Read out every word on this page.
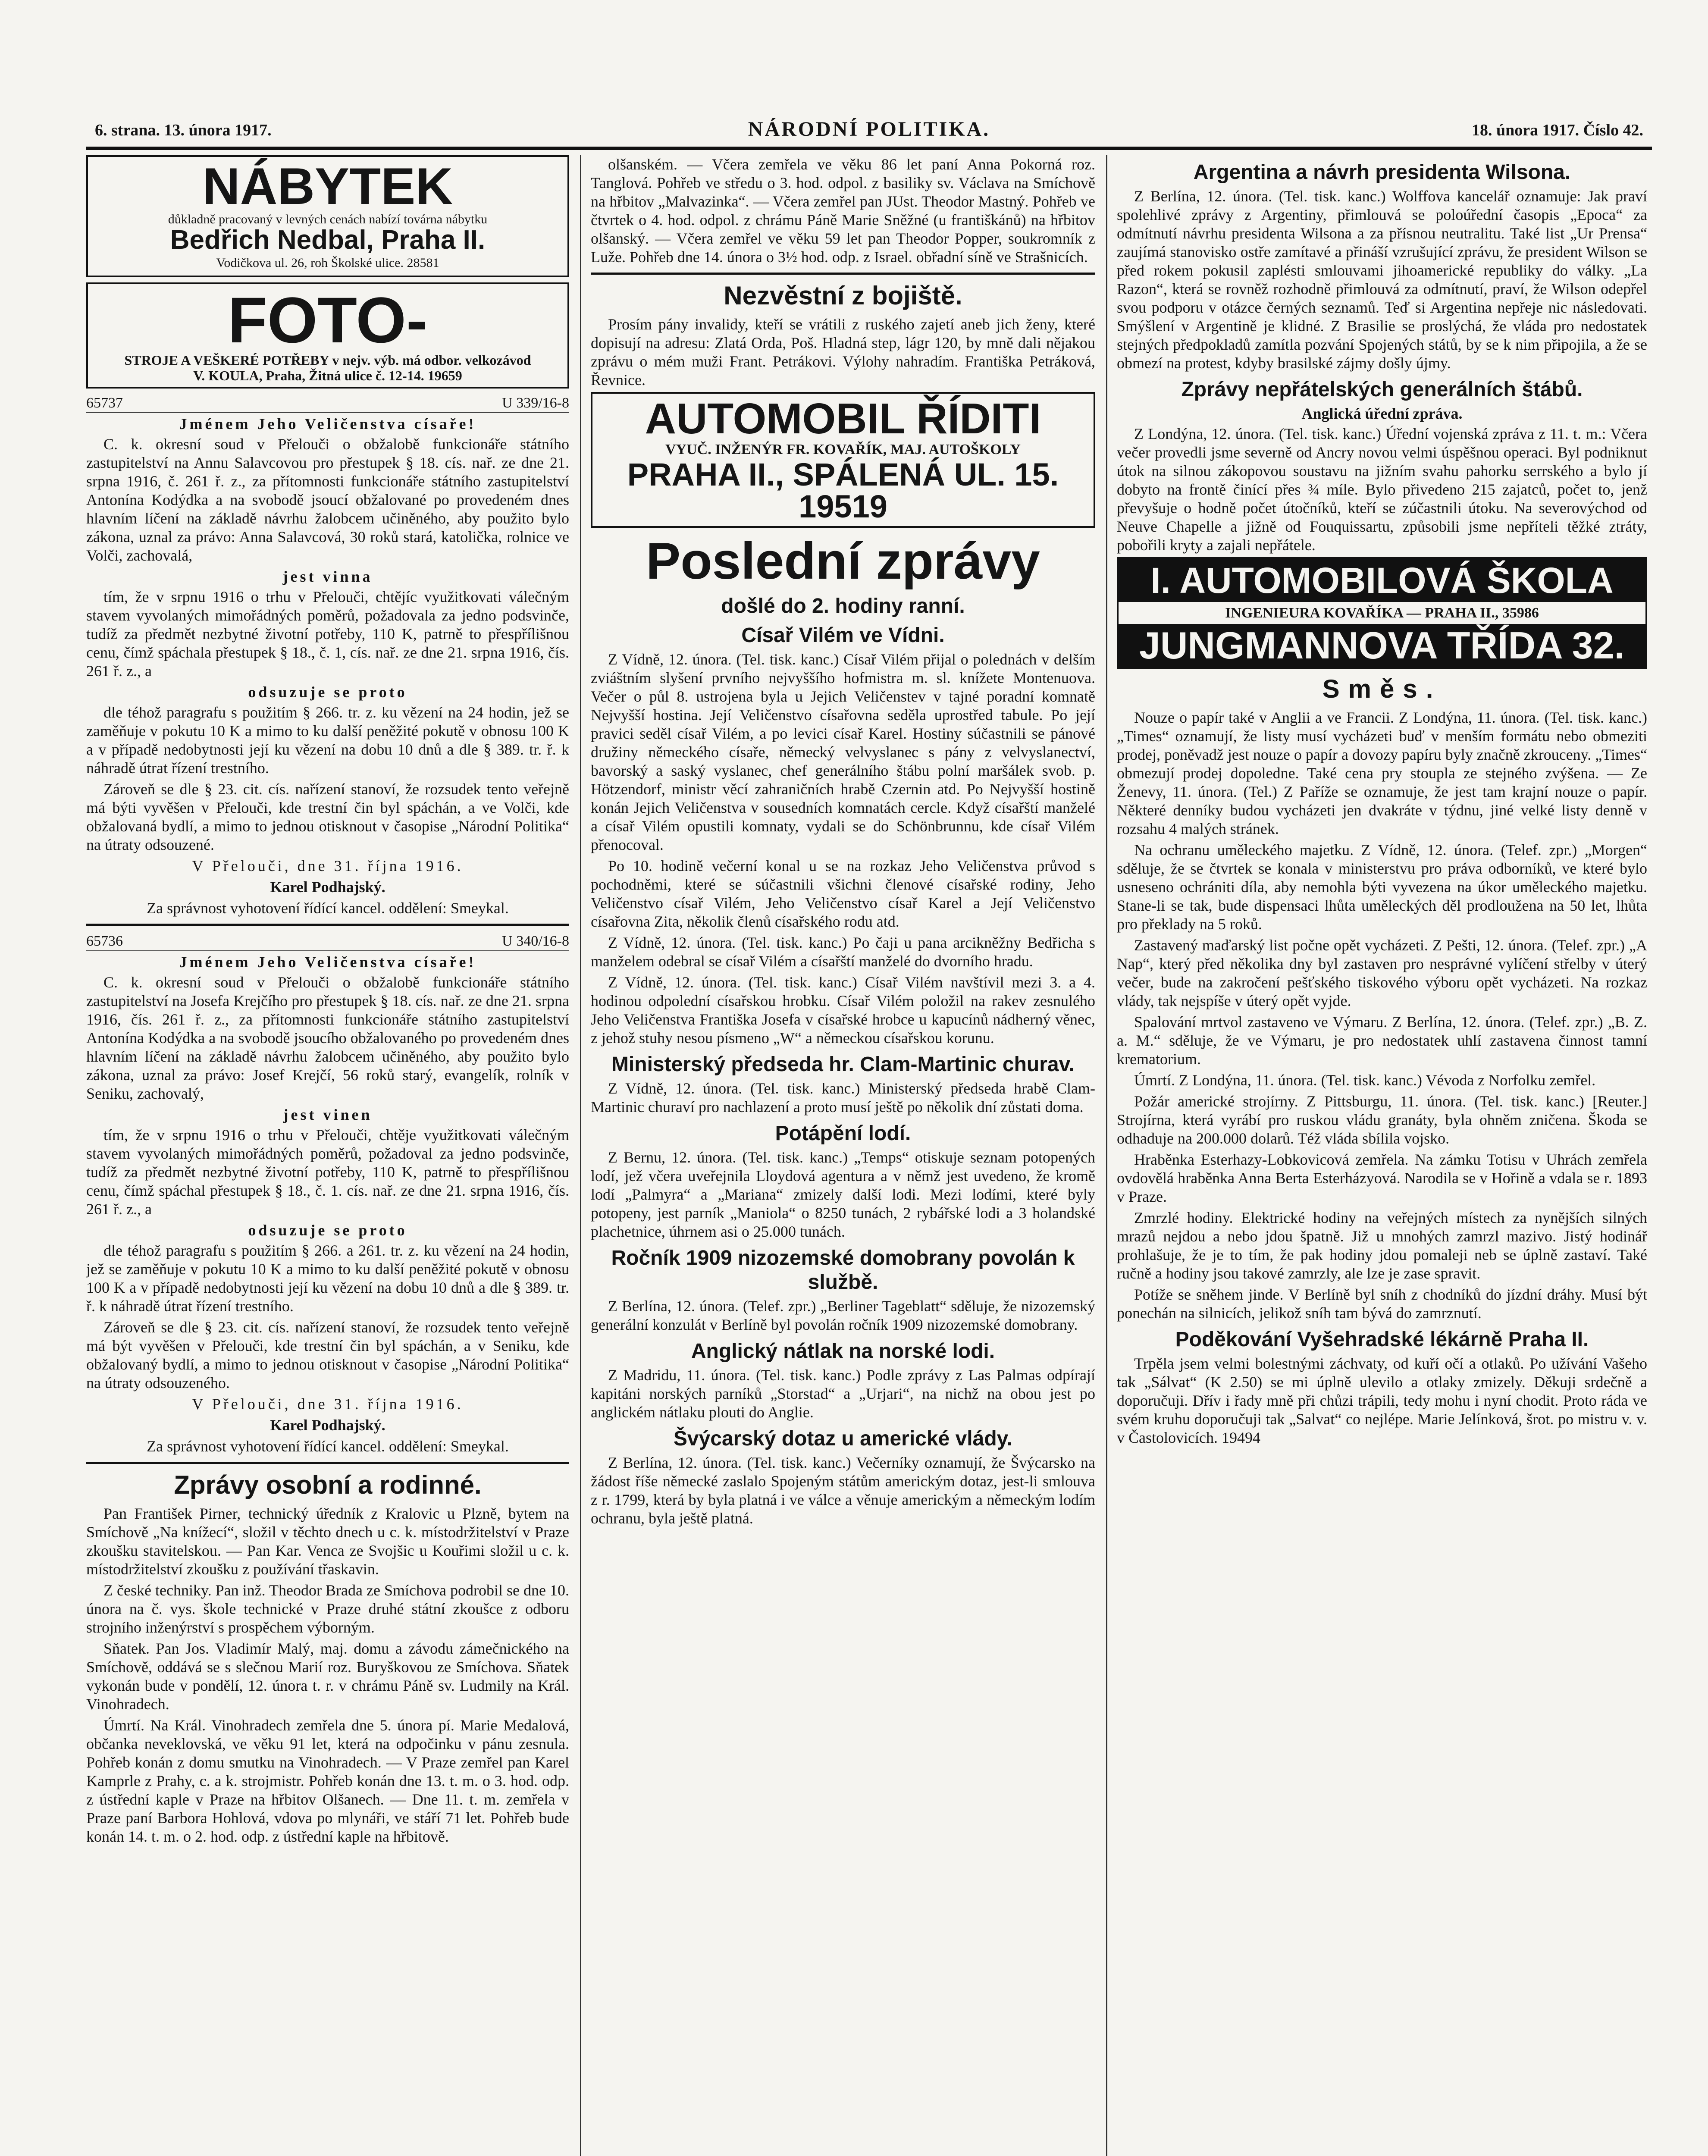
6. strana. 13. února 1917.	NÁRODNÍ POLITIKA.	18. února 1917. Číslo 42.
NÁBYTEK
důkladně pracovaný v levných cenách nabízí továrna nábytku
Bedřich Nedbal, Praha II.
Vodičkova ul. 26, roh Školské ulice. 28581
FOTO-
STROJE A VEŠKERÉ POTŘEBY v nejv. výb. má odbor. velkozávod
V. KOULA, Praha, Žitná ulice č. 12-14. 19659
65737	U 339/16-8

Jménem Jeho Veličenstva císaře!

C. k. okresní soud v Přelouči o obžalobě funkcionáře státního zastupitelství na Annu Salavcovou pro přestupek § 18. cís. nař. ze dne 21. srpna 1916, č. 261 ř. z., za přítomnosti funkcionáře státního zastupitelství Antonína Kodýdka a na svobodě jsoucí obžalované po provedeném dnes hlavním líčení na základě návrhu žalobcem učiněného, aby použito bylo zákona, uznal za právo: Anna Salavcová, 30 roků stará, katolička, rolnice ve Volči, zachovalá,

jest vinna

tím, že v srpnu 1916 o trhu v Přelouči, chtějíc využitkovati válečným stavem vyvolaných mimořádných poměrů, požadovala za jedno podsvinče, tudíž za předmět nezbytné životní potřeby, 110 K, patrně to přespřílišnou cenu, čímž spáchala přestupek § 18., č. 1, cís. nař. ze dne 21. srpna 1916, čís. 261 ř. z., a

odsuzuje se proto

dle téhož paragrafu s použitím § 266. tr. z. ku vězení na 24 hodin, jež se zaměňuje v pokutu 10 K a mimo to ku další peněžité pokutě v obnosu 100 K a v případě nedobytnosti její ku vězení na dobu 10 dnů a dle § 389. tr. ř. k náhradě útrat řízení trestního.

Zároveň se dle § 23. cit. cís. nařízení stanoví, že rozsudek tento veřejně má býti vyvěšen v Přelouči, kde trestní čin byl spáchán, a ve Volči, kde obžalovaná bydlí, a mimo to jednou otisknout v časopise „Národní Politika“ na útraty odsouzené.

V Přelouči, dne 31. října 1916.

Karel Podhajský.

Za správnost vyhotovení řídící kancel. oddělení: Smeykal.

65736	U 340/16-8

Jménem Jeho Veličenstva císaře!

C. k. okresní soud v Přelouči o obžalobě funkcionáře státního zastupitelství na Josefa Krejčího pro přestupek § 18. cís. nař. ze dne 21. srpna 1916, čís. 261 ř. z., za přítomnosti funkcionáře státního zastupitelství Antonína Kodýdka a na svobodě jsoucího obžalovaného po provedeném dnes hlavním líčení na základě návrhu žalobcem učiněného, aby použito bylo zákona, uznal za právo: Josef Krejčí, 56 roků starý, evangelík, rolník v Seniku, zachovalý,

jest vinen

tím, že v srpnu 1916 o trhu v Přelouči, chtěje využitkovati válečným stavem vyvolaných mimořádných poměrů, požadoval za jedno podsvinče, tudíž za předmět nezbytné životní potřeby, 110 K, patrně to přespřílišnou cenu, čímž spáchal přestupek § 18., č. 1. cís. nař. ze dne 21. srpna 1916, čís. 261 ř. z., a

odsuzuje se proto

dle téhož paragrafu s použitím § 266. a 261. tr. z. ku vězení na 24 hodin, jež se zaměňuje v pokutu 10 K a mimo to ku další peněžité pokutě v obnosu 100 K a v případě nedobytnosti její ku vězení na dobu 10 dnů a dle § 389. tr. ř. k náhradě útrat řízení trestního.

Zároveň se dle § 23. cit. cís. nařízení stanoví, že rozsudek tento veřejně má být vyvěšen v Přelouči, kde trestní čin byl spáchán, a v Seniku, kde obžalovaný bydlí, a mimo to jednou otisknout v časopise „Národní Politika“ na útraty odsouzeného.

V Přelouči, dne 31. října 1916.

Karel Podhajský.

Za správnost vyhotovení řídící kancel. oddělení: Smeykal.

Zprávy osobní a rodinné.

Pan František Pirner, technický úředník z Kralovic u Plzně, bytem na Smíchově „Na knížecí“, složil v těchto dnech u c. k. místodržitelství v Praze zkoušku stavitelskou. — Pan Kar. Venca ze Svojšic u Kouřimi složil u c. k. místodržitelství zkoušku z používání třaskavin.

Z české techniky. Pan inž. Theodor Brada ze Smíchova podrobil se dne 10. února na č. vys. škole technické v Praze druhé státní zkoušce z odboru strojního inženýrství s prospěchem výborným.

Sňatek. Pan Jos. Vladimír Malý, maj. domu a závodu zámečnického na Smíchově, oddává se s slečnou Marií roz. Buryškovou ze Smíchova. Sňatek vykonán bude v pondělí, 12. února t. r. v chrámu Páně sv. Ludmily na Král. Vinohradech.

Úmrtí. Na Král. Vinohradech zemřela dne 5. února pí. Marie Medalová, občanka neveklovská, ve věku 91 let, která na odpočinku v pánu zesnula. Pohřeb konán z domu smutku na Vinohradech. — V Praze zemřel pan Karel Kamprle z Prahy, c. a k. strojmistr. Pohřeb konán dne 13. t. m. o 3. hod. odp. z ústřední kaple v Praze na hřbitov Olšanech. — Dne 11. t. m. zemřela v Praze paní Barbora Hohlová, vdova po mlynáři, ve stáří 71 let. Pohřeb bude konán 14. t. m. o 2. hod. odp. z ústřední kaple na hřbitově.

olšanském. — Včera zemřela ve věku 86 let paní Anna Pokorná roz. Tanglová. Pohřeb ve středu o 3. hod. odpol. z basiliky sv. Václava na Smíchově na hřbitov „Malvazinka“. — Včera zemřel pan JUst. Theodor Mastný. Pohřeb ve čtvrtek o 4. hod. odpol. z chrámu Páně Marie Sněžné (u františkánů) na hřbitov olšanský. — Včera zemřel ve věku 59 let pan Theodor Popper, soukromník z Luže. Pohřeb dne 14. února o 3½ hod. odp. z Israel. obřadní síně ve Strašnicích.

Nezvěstní z bojiště.

Prosím pány invalidy, kteří se vrátili z ruského zajetí aneb jich ženy, které dopisují na adresu: Zlatá Orda, Poš. Hladná step, lágr 120, by mně dali nějakou zprávu o mém muži Frant. Petrákovi. Výlohy nahradím. Františka Petráková, Řevnice.

AUTOMOBIL ŘÍDITI
VYUČ. INŽENÝR FR. KOVAŘÍK, MAJ. AUTOŠKOLY
PRAHA II., SPÁLENÁ UL. 15. 19519
Poslední zprávy
došlé do 2. hodiny ranní.
Císař Vilém ve Vídni.

Z Vídně, 12. února. (Tel. tisk. kanc.) Císař Vilém přijal o polednách v delším zviáštním slyšení prvního nejvyššího hofmistra m. sl. knížete Montenuova. Večer o půl 8. ustrojena byla u Jejich Veličenstev v tajné poradní komnatě Nejvyšší hostina. Její Veličenstvo císařovna seděla uprostřed tabule. Po její pravici seděl císař Vilém, a po levici císař Karel. Hostiny súčastnili se pánové družiny německého císaře, německý velvyslanec s pány z velvyslanectví, bavorský a saský vyslanec, chef generálního štábu polní maršálek svob. p. Hötzendorf, ministr věcí zahraničních hrabě Czernin atd. Po Nejvyšší hostině konán Jejich Veličenstva v sousedních komnatách cercle. Když císařští manželé a císař Vilém opustili komnaty, vydali se do Schönbrunnu, kde císař Vilém přenocoval.

Po 10. hodině večerní konal u se na rozkaz Jeho Veličenstva průvod s pochodněmi, které se súčastnili všichni členové císařské rodiny, Jeho Veličenstvo císař Vilém, Jeho Veličenstvo císař Karel a Její Veličenstvo císařovna Zita, několik členů císařského rodu atd.

Z Vídně, 12. února. (Tel. tisk. kanc.) Po čaji u pana arcikněžny Bedřicha s manželem odebral se císař Vilém a císařští manželé do dvorního hradu.

Z Vídně, 12. února. (Tel. tisk. kanc.) Císař Vilém navštívil mezi 3. a 4. hodinou odpolední císařskou hrobku. Císař Vilém položil na rakev zesnulého Jeho Veličenstva Františka Josefa v císařské hrobce u kapucínů nádherný věnec, z jehož stuhy nesou písmeno „W“ a německou císařskou korunu.

Ministerský předseda hr. Clam-Martinic churav.

Z Vídně, 12. února. (Tel. tisk. kanc.) Ministerský předseda hrabě Clam-Martinic churaví pro nachlazení a proto musí ještě po několik dní zůstati doma.

Potápění lodí.

Z Bernu, 12. února. (Tel. tisk. kanc.) „Temps“ otiskuje seznam potopených lodí, jež včera uveřejnila Lloydová agentura a v němž jest uvedeno, že kromě lodí „Palmyra“ a „Mariana“ zmizely další lodi. Mezi lodími, které byly potopeny, jest parník „Maniola“ o 8250 tunách, 2 rybářské lodi a 3 holandské plachetnice, úhrnem asi o 25.000 tunách.

Ročník 1909 nizozemské domobrany povolán k službě.

Z Berlína, 12. února. (Telef. zpr.) „Berliner Tageblatt“ sděluje, že nizozemský generální konzulát v Berlíně byl povolán ročník 1909 nizozemské domobrany.

Anglický nátlak na norské lodi.

Z Madridu, 11. února. (Tel. tisk. kanc.) Podle zprávy z Las Palmas odpírají kapitáni norských parníků „Storstad“ a „Urjari“, na nichž na obou jest po anglickém nátlaku plouti do Anglie.

Švýcarský dotaz u americké vlády.

Z Berlína, 12. února. (Tel. tisk. kanc.) Večerníky oznamují, že Švýcarsko na žádost říše německé zaslalo Spojeným státům americkým dotaz, jest-li smlouva z r. 1799, která by byla platná i ve válce a věnuje americkým a německým lodím ochranu, byla ještě platná.

Argentina a návrh presidenta Wilsona.

Z Berlína, 12. února. (Tel. tisk. kanc.) Wolffova kancelář oznamuje: Jak praví spolehlivé zprávy z Argentiny, přimlouvá se poloúřední časopis „Epoca“ za odmítnutí návrhu presidenta Wilsona a za přísnou neutralitu. Také list „Ur Prensa“ zaujímá stanovisko ostře zamítavé a přináší vzrušující zprávu, že president Wilson se před rokem pokusil zaplésti smlouvami jihoamerické republiky do války. „La Razon“, která se rovněž rozhodně přimlouvá za odmítnutí, praví, že Wilson odepřel svou podporu v otázce černých seznamů. Teď si Argentina nepřeje nic následovati. Smýšlení v Argentině je klidné. Z Brasilie se proslýchá, že vláda pro nedostatek stejných předpokladů zamítla pozvání Spojených států, by se k nim připojila, a že se obmezí na protest, kdyby brasilské zájmy došly újmy.

Zprávy nepřátelských generálních štábů.

Anglická úřední zpráva.

Z Londýna, 12. února. (Tel. tisk. kanc.) Úřední vojenská zpráva z 11. t. m.: Včera večer provedli jsme severně od Ancry novou velmi úspěšnou operaci. Byl podniknut útok na silnou zákopovou soustavu na jižním svahu pahorku serrského a bylo jí dobyto na frontě činící přes ¾ míle. Bylo přivedeno 215 zajatců, počet to, jenž převyšuje o hodně počet útočníků, kteří se zúčastnili útoku. Na severovýchod od Neuve Chapelle a jižně od Fouquissartu, způsobili jsme nepříteli těžké ztráty, pobořili kryty a zajali nepřátele.

I. AUTOMOBILOVÁ ŠKOLA
INGENIEURA KOVAŘÍKA — PRAHA II., 35986
JUNGMANNOVA TŘÍDA 32.
Směs.

Nouze o papír také v Anglii a ve Francii. Z Londýna, 11. února. (Tel. tisk. kanc.) „Times“ oznamují, že listy musí vycházeti buď v menším formátu nebo obmeziti prodej, poněvadž jest nouze o papír a dovozy papíru byly značně zkrouceny. „Times“ obmezují prodej dopoledne. Také cena pry stoupla ze stejného zvýšena. — Ze Ženevy, 11. února. (Tel.) Z Paříže se oznamuje, že jest tam krajní nouze o papír. Některé denníky budou vycházeti jen dvakráte v týdnu, jiné velké listy denně v rozsahu 4 malých stránek.

Na ochranu uměleckého majetku. Z Vídně, 12. února. (Telef. zpr.) „Morgen“ sděluje, že se čtvrtek se konala v ministerstvu pro práva odborníků, ve které bylo usneseno ochrániti díla, aby nemohla býti vyvezena na úkor uměleckého majetku. Stane-li se tak, bude dispensaci lhůta uměleckých děl prodloužena na 50 let, lhůta pro překlady na 5 roků.

Zastavený maďarský list počne opět vycházeti. Z Pešti, 12. února. (Telef. zpr.) „A Nap“, který před několika dny byl zastaven pro nesprávné vylíčení střelby v úterý večer, bude na zakročení pešťského tiskového výboru opět vycházeti. Na rozkaz vlády, tak nejspíše v úterý opět vyjde.

Spalování mrtvol zastaveno ve Výmaru. Z Berlína, 12. února. (Telef. zpr.) „B. Z. a. M.“ sděluje, že ve Výmaru, je pro nedostatek uhlí zastavena činnost tamní krematorium.

Úmrtí. Z Londýna, 11. února. (Tel. tisk. kanc.) Vévoda z Norfolku zemřel.

Požár americké strojírny. Z Pittsburgu, 11. února. (Tel. tisk. kanc.) [Reuter.] Strojírna, která vyrábí pro ruskou vládu granáty, byla ohněm zničena. Škoda se odhaduje na 200.000 dolarů. Též vláda sbílila vojsko.

Hraběnka Esterhazy-Lobkovicová zemřela. Na zámku Totisu v Uhrách zemřela ovdovělá hraběnka Anna Berta Esterházyová. Narodila se v Hořině a vdala se r. 1893 v Praze.

Zmrzlé hodiny. Elektrické hodiny na veřejných místech za nynějších silných mrazů nejdou a nebo jdou špatně. Již u mnohých zamrzl mazivo. Jistý hodinář prohlašuje, že je to tím, že pak hodiny jdou pomaleji neb se úplně zastaví. Také ručně a hodiny jsou takové zamrzly, ale lze je zase spravit.

Potíže se sněhem jinde. V Berlíně byl sníh z chodníků do jízdní dráhy. Musí být ponechán na silnicích, jelikož sníh tam bývá do zamrznutí.

Poděkování Vyšehradské lékárně Praha II.

Trpěla jsem velmi bolestnými záchvaty, od kuří očí a otlaků. Po užívání Vašeho tak „Sálvat“ (K 2.50) se mi úplně ulevilo a otlaky zmizely. Děkuji srdečně a doporučuji. Dřív i řady mně při chůzi trápili, tedy mohu i nyní chodit. Proto ráda ve svém kruhu doporučuji tak „Salvat“ co nejlépe. Marie Jelínková, šrot. po mistru v. v. v Častolovicích. 19494
